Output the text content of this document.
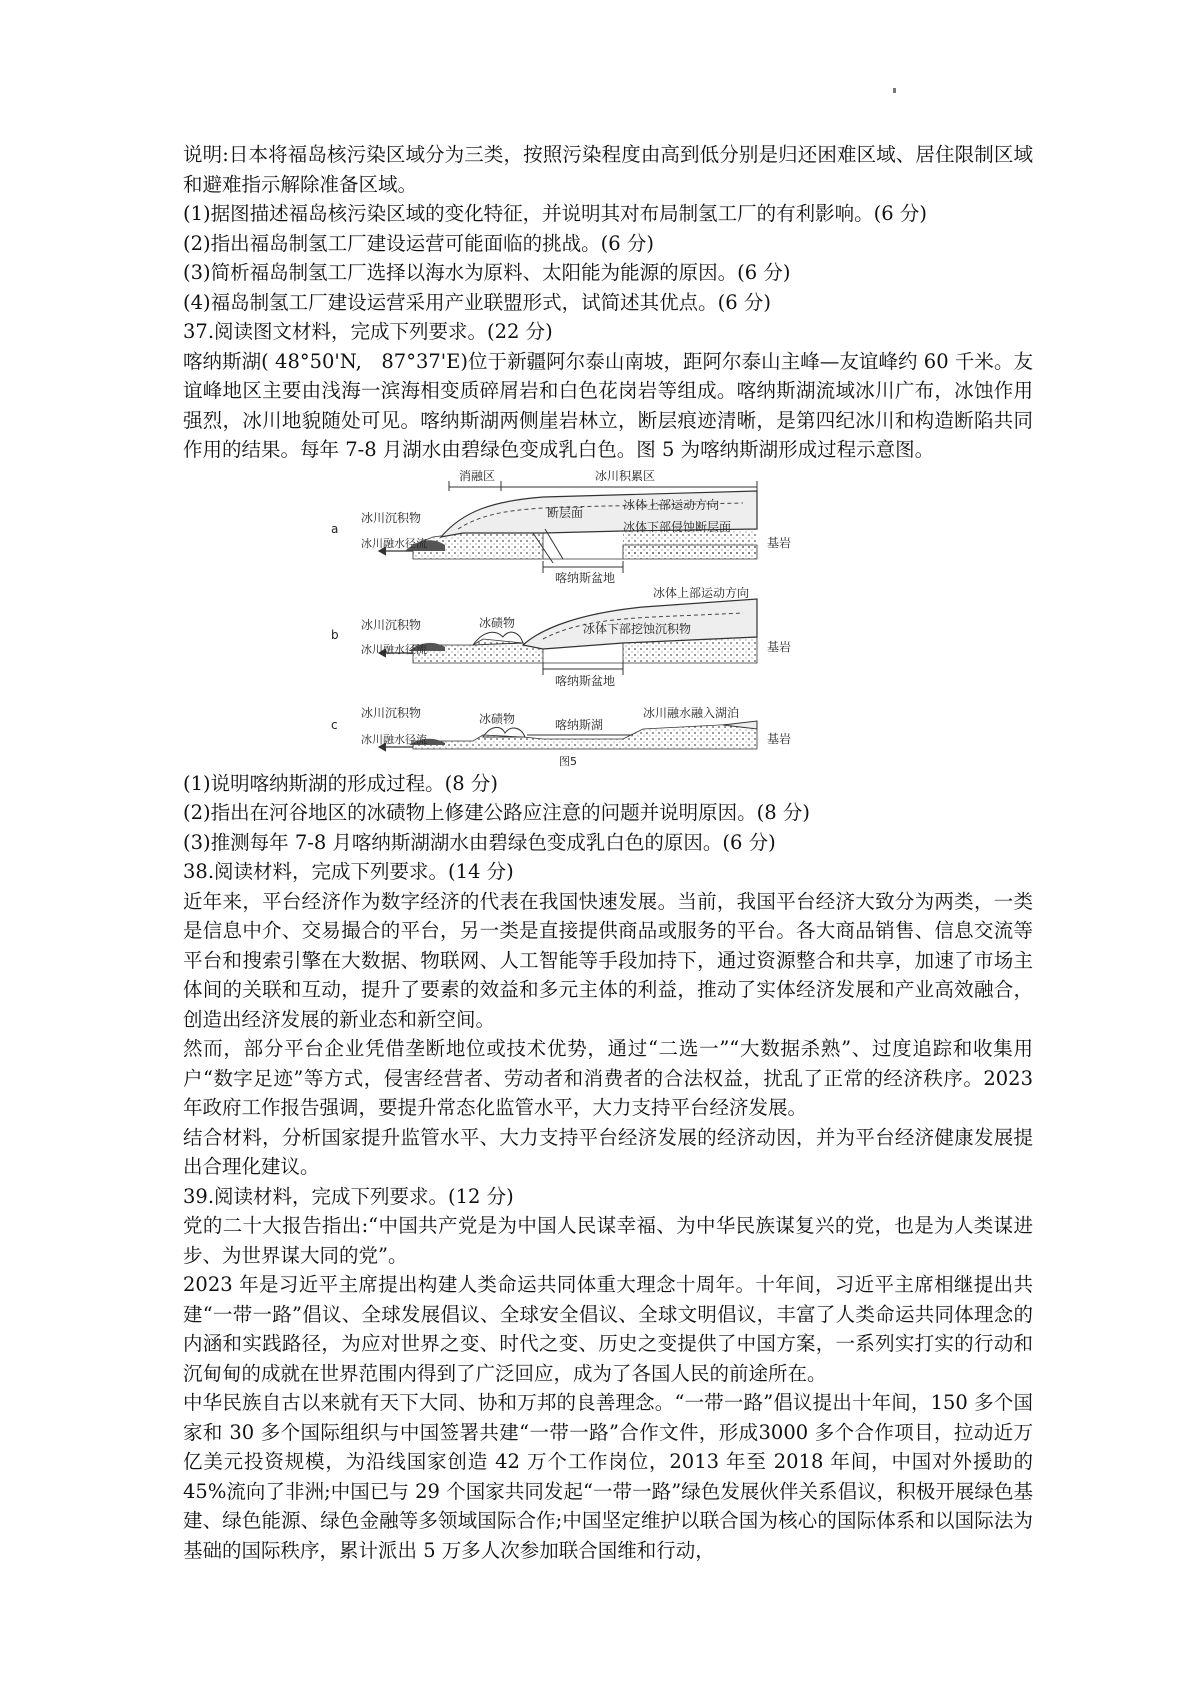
说明:日本将福岛核污染区域分为三类，按照污染程度由高到低分别是归还困难区域、居住限制区域和避难指示解除准备区域。

(1)据图描述福岛核污染区域的变化特征，并说明其对布局制氢工厂的有利影响。(6 分)

(2)指出福岛制氢工厂建设运营可能面临的挑战。(6 分)

(3)简析福岛制氢工厂选择以海水为原料、太阳能为能源的原因。(6 分)

(4)福岛制氢工厂建设运营采用产业联盟形式，试简述其优点。(6 分)

37.阅读图文材料，完成下列要求。(22 分)

喀纳斯湖( 48°50'N,　87°37'E)位于新疆阿尔泰山南坡，距阿尔泰山主峰—友谊峰约 60 千米。友谊峰地区主要由浅海一滨海相变质碎屑岩和白色花岗岩等组成。喀纳斯湖流域冰川广布，冰蚀作用强烈，冰川地貌随处可见。喀纳斯湖两侧崖岩林立，断层痕迹清晰，是第四纪冰川和构造断陷共同作用的结果。每年 7-8 月湖水由碧绿色变成乳白色。图 5 为喀纳斯湖形成过程示意图。

a
消融区	冰川积累区
冰川沉积物
冰川融水径流
冰体上部运动方向
断层面
冰体下部侵蚀断层面
喀纳斯盆地
基岩
b
冰川沉积物
冰川融水径流
冰碛物
冰体上部运动方向
冰体下部挖蚀沉积物
喀纳斯盆地
基岩
c
冰川沉积物
冰川融水径流
冰碛物	喀纳斯湖
冰川融水融入湖泊
基岩
图5

(1)说明喀纳斯湖的形成过程。(8 分)

(2)指出在河谷地区的冰碛物上修建公路应注意的问题并说明原因。(8 分)

(3)推测每年 7-8 月喀纳斯湖湖水由碧绿色变成乳白色的原因。(6 分)

38.阅读材料，完成下列要求。(14 分)

近年来，平台经济作为数字经济的代表在我国快速发展。当前，我国平台经济大致分为两类，一类是信息中介、交易撮合的平台，另一类是直接提供商品或服务的平台。各大商品销售、信息交流等平台和搜索引擎在大数据、物联网、人工智能等手段加持下，通过资源整合和共享，加速了市场主体间的关联和互动，提升了要素的效益和多元主体的利益，推动了实体经济发展和产业高效融合，创造出经济发展的新业态和新空间。

然而，部分平台企业凭借垄断地位或技术优势，通过“二选一”“大数据杀熟”、过度追踪和收集用户“数字足迹”等方式，侵害经营者、劳动者和消费者的合法权益，扰乱了正常的经济秩序。2023 年政府工作报告强调，要提升常态化监管水平，大力支持平台经济发展。

结合材料，分析国家提升监管水平、大力支持平台经济发展的经济动因，并为平台经济健康发展提出合理化建议。

39.阅读材料，完成下列要求。(12 分)

党的二十大报告指出:“中国共产党是为中国人民谋幸福、为中华民族谋复兴的党，也是为人类谋进步、为世界谋大同的党”。

2023 年是习近平主席提出构建人类命运共同体重大理念十周年。十年间，习近平主席相继提出共建“一带一路”倡议、全球发展倡议、全球安全倡议、全球文明倡议，丰富了人类命运共同体理念的内涵和实践路径，为应对世界之变、时代之变、历史之变提供了中国方案，一系列实打实的行动和沉甸甸的成就在世界范围内得到了广泛回应，成为了各国人民的前途所在。

中华民族自古以来就有天下大同、协和万邦的良善理念。“一带一路”倡议提出十年间，150 多个国家和 30 多个国际组织与中国签署共建“一带一路”合作文件，形成3000 多个合作项目，拉动近万亿美元投资规模，为沿线国家创造 42 万个工作岗位，2013 年至 2018 年间，中国对外援助的 45%流向了非洲;中国已与 29 个国家共同发起“一带一路”绿色发展伙伴关系倡议，积极开展绿色基建、绿色能源、绿色金融等多领域国际合作;中国坚定维护以联合国为核心的国际体系和以国际法为基础的国际秩序，累计派出 5 万多人次参加联合国维和行动，
